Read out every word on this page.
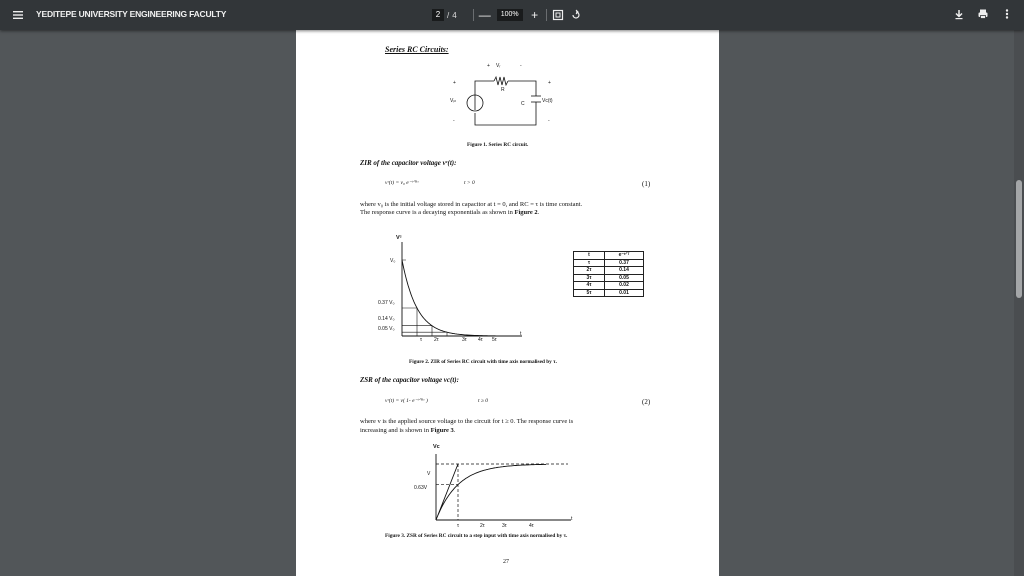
YEDITEPE UNIVERSITY ENGINEERING FACULTY	2 / 4 —	100%	+
Series RC Circuits:
+ Vᵣ	-
R
+
-
Vᵢₙ	C	Vc(t)
+
-
Figure 1. Series RC circuit.
ZIR of the capacitor voltage vᶜ(t):
vᶜ(t) = v₀ e⁻ᵗᐟᴿᶜ	t > 0	(1)
where v₀ is the initial voltage stored in capacitor at t = 0, and RC = τ is time constant.
The response curve is a decaying exponentials as shown in Figure 2.
Vᶜ
V₀
0.37 V₀
0.14 V₀
0.05 V₀
t
τ 2τ	3τ 4τ 5τ
t	e⁻ᵗᐟᵀ
τ	0.37
2τ	0.14
3τ	0.05
4τ	0.02
5τ	0.01
Figure 2. ZIR of Series RC circuit with time axis normalised by τ.
ZSR of the capacitor voltage vc(t):
vᶜ(t) = v( 1- e⁻ᵗᐟᴿᶜ )	t ≥ 0	(2)
where v is the applied source voltage to the circuit for t ≥ 0. The response curve is
increasing and is shown in Figure 3.
Vc
V
0.63V
t
τ	2τ	3τ	4τ
Figure 3. ZSR of Series RC circuit to a step input with time axis normalised by τ.
27
